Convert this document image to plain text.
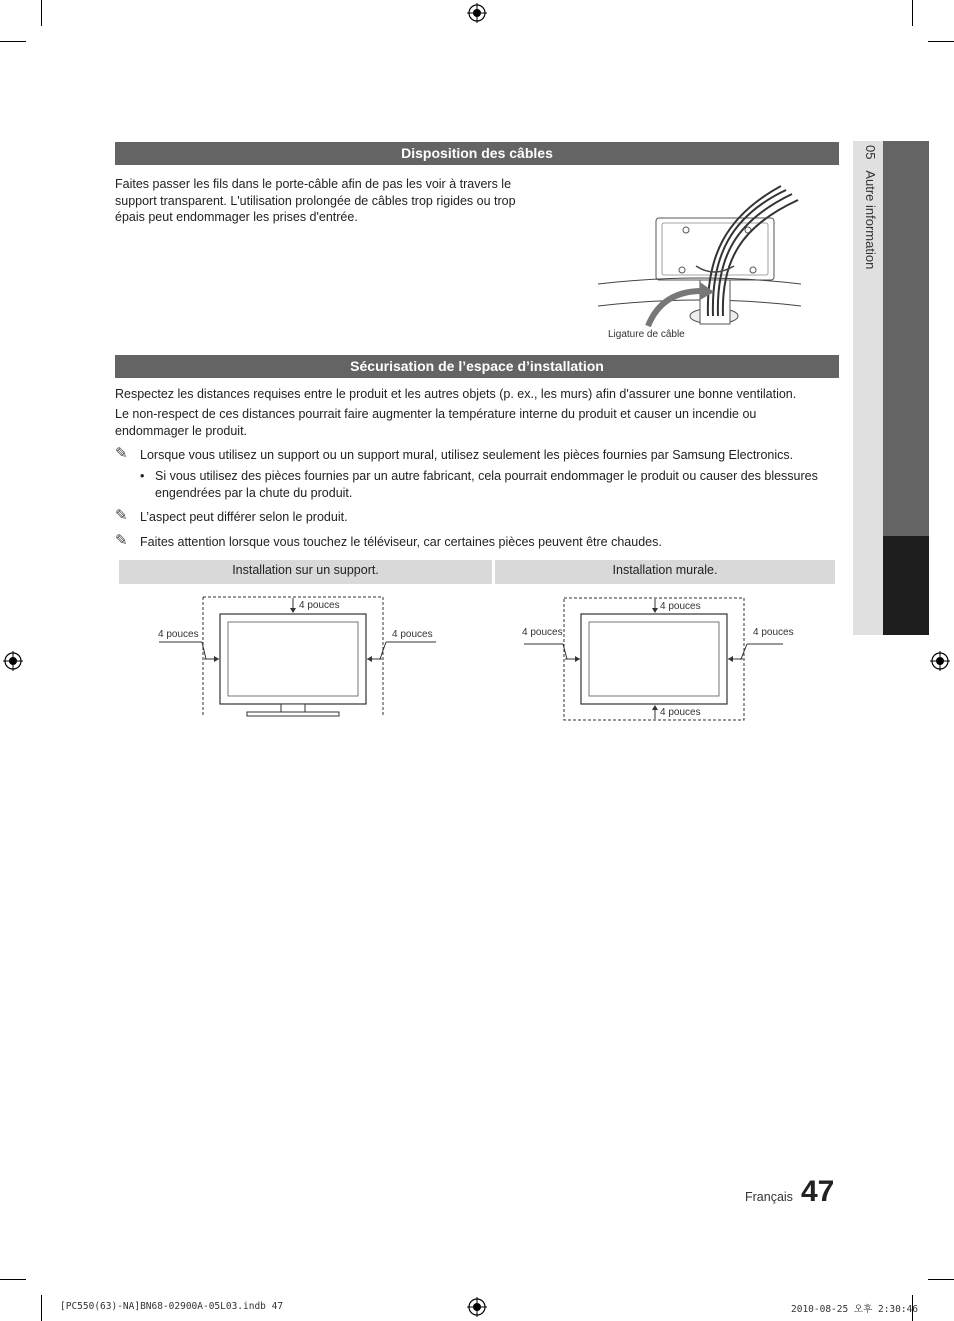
05   Autre information
Disposition des câbles
Faites passer les fils dans le porte-câble afin de pas les voir à travers le support transparent. L'utilisation prolongée de câbles trop rigides ou trop épais peut endommager les prises d'entrée.
Ligature de câble
Sécurisation de l’espace d’installation
Respectez les distances requises entre le produit et les autres objets (p. ex., les murs) afin d'assurer une bonne ventilation.
Le non-respect de ces distances pourrait faire augmenter la température interne du produit et causer un incendie ou endommager le produit.
✎ Lorsque vous utilisez un support ou un support mural, utilisez seulement les pièces fournies par Samsung Electronics.
• Si vous utilisez des pièces fournies par un autre fabricant, cela pourrait endommager le produit ou causer des blessures engendrées par la chute du produit.
✎ L’aspect peut différer selon le produit.
✎ Faites attention lorsque vous touchez le téléviseur, car certaines pièces peuvent être chaudes.
Installation sur un support.	Installation murale.
4 pouces
4 pouces	4 pouces
4 pouces
4 pouces	4 pouces
4 pouces
Français 47
[PC550(63)-NA]BN68-02900A-05L03.indb 47	2010-08-25 오후 2:30:46
